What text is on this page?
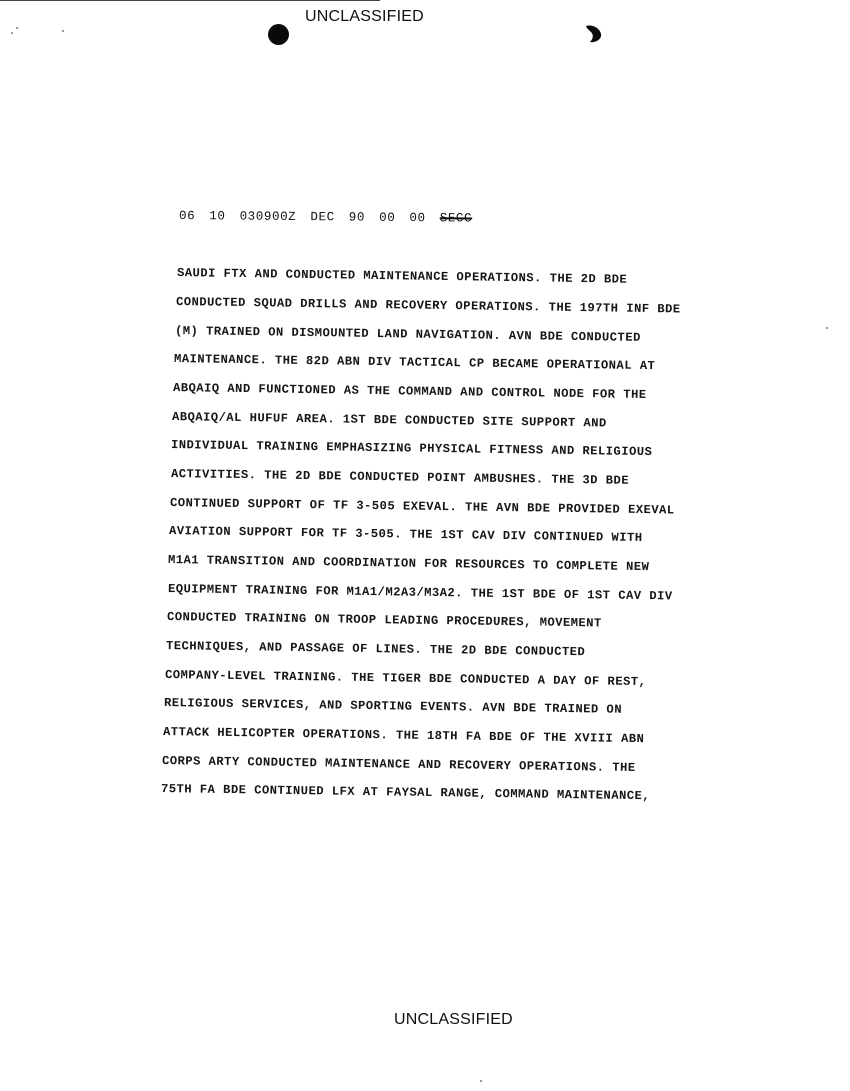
UNCLASSIFIED
06 10 030900Z DEC 90 00 00 SECC
SAUDI FTX AND CONDUCTED MAINTENANCE OPERATIONS. THE 2D BDE
CONDUCTED SQUAD DRILLS AND RECOVERY OPERATIONS. THE 197TH INF BDE
(M) TRAINED ON DISMOUNTED LAND NAVIGATION. AVN BDE CONDUCTED
MAINTENANCE. THE 82D ABN DIV TACTICAL CP BECAME OPERATIONAL AT
ABQAIQ AND FUNCTIONED AS THE COMMAND AND CONTROL NODE FOR THE
ABQAIQ/AL HUFUF AREA. 1ST BDE CONDUCTED SITE SUPPORT AND
INDIVIDUAL TRAINING EMPHASIZING PHYSICAL FITNESS AND RELIGIOUS
ACTIVITIES. THE 2D BDE CONDUCTED POINT AMBUSHES. THE 3D BDE
CONTINUED SUPPORT OF TF 3-505 EXEVAL. THE AVN BDE PROVIDED EXEVAL
AVIATION SUPPORT FOR TF 3-505. THE 1ST CAV DIV CONTINUED WITH
M1A1 TRANSITION AND COORDINATION FOR RESOURCES TO COMPLETE NEW
EQUIPMENT TRAINING FOR M1A1/M2A3/M3A2. THE 1ST BDE OF 1ST CAV DIV
CONDUCTED TRAINING ON TROOP LEADING PROCEDURES, MOVEMENT
TECHNIQUES, AND PASSAGE OF LINES. THE 2D BDE CONDUCTED
COMPANY-LEVEL TRAINING. THE TIGER BDE CONDUCTED A DAY OF REST,
RELIGIOUS SERVICES, AND SPORTING EVENTS. AVN BDE TRAINED ON
ATTACK HELICOPTER OPERATIONS. THE 18TH FA BDE OF THE XVIII ABN
CORPS ARTY CONDUCTED MAINTENANCE AND RECOVERY OPERATIONS. THE
75TH FA BDE CONTINUED LFX AT FAYSAL RANGE, COMMAND MAINTENANCE,
UNCLASSIFIED
